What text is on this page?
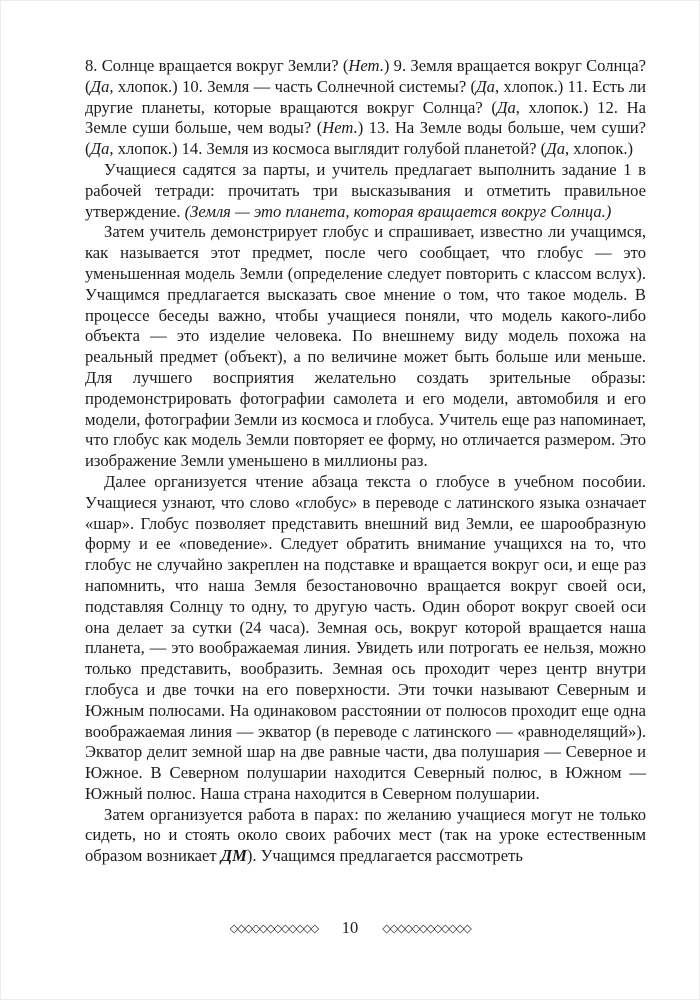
8. Солнце вращается вокруг Земли? (Нет.) 9. Земля вращается вокруг Солнца? (Да, хлопок.) 10. Земля — часть Солнечной системы? (Да, хлопок.) 11. Есть ли другие планеты, которые вращаются вокруг Солнца? (Да, хлопок.) 12. На Земле суши больше, чем воды? (Нет.) 13. На Земле воды больше, чем суши? (Да, хлопок.) 14. Земля из космоса выглядит голубой планетой? (Да, хлопок.)

Учащиеся садятся за парты, и учитель предлагает выполнить задание 1 в рабочей тетради: прочитать три высказывания и отметить правильное утверждение. (Земля — это планета, которая вращается вокруг Солнца.)

Затем учитель демонстрирует глобус и спрашивает, известно ли учащимся, как называется этот предмет, после чего сообщает, что глобус — это уменьшенная модель Земли (определение следует повторить с классом вслух). Учащимся предлагается высказать свое мнение о том, что такое модель. В процессе беседы важно, чтобы учащиеся поняли, что модель какого-либо объекта — это изделие человека. По внешнему виду модель похожа на реальный предмет (объект), а по величине может быть больше или меньше. Для лучшего восприятия желательно создать зрительные образы: продемонстрировать фотографии самолета и его модели, автомобиля и его модели, фотографии Земли из космоса и глобуса. Учитель еще раз напоминает, что глобус как модель Земли повторяет ее форму, но отличается размером. Это изображение Земли уменьшено в миллионы раз.

Далее организуется чтение абзаца текста о глобусе в учебном пособии. Учащиеся узнают, что слово «глобус» в переводе с латинского языка означает «шар». Глобус позволяет представить внешний вид Земли, ее шарообразную форму и ее «поведение». Следует обратить внимание учащихся на то, что глобус не случайно закреплен на подставке и вращается вокруг оси, и еще раз напомнить, что наша Земля безостановочно вращается вокруг своей оси, подставляя Солнцу то одну, то другую часть. Один оборот вокруг своей оси она делает за сутки (24 часа). Земная ось, вокруг которой вращается наша планета, — это воображаемая линия. Увидеть или потрогать ее нельзя, можно только представить, вообразить. Земная ось проходит через центр внутри глобуса и две точки на его поверхности. Эти точки называют Северным и Южным полюсами. На одинаковом расстоянии от полюсов проходит еще одна воображаемая линия — экватор (в переводе с латинского — «равноделящий»). Экватор делит земной шар на две равные части, два полушария — Северное и Южное. В Северном полушарии находится Северный полюс, в Южном — Южный полюс. Наша страна находится в Северном полушарии.

Затем организуется работа в парах: по желанию учащиеся могут не только сидеть, но и стоять около своих рабочих мест (так на уроке естественным образом возникает ДМ). Учащимся предлагается рассмотреть

◇◇◇◇◇◇◇◇◇◇◇◇ 10 ◇◇◇◇◇◇◇◇◇◇◇◇
